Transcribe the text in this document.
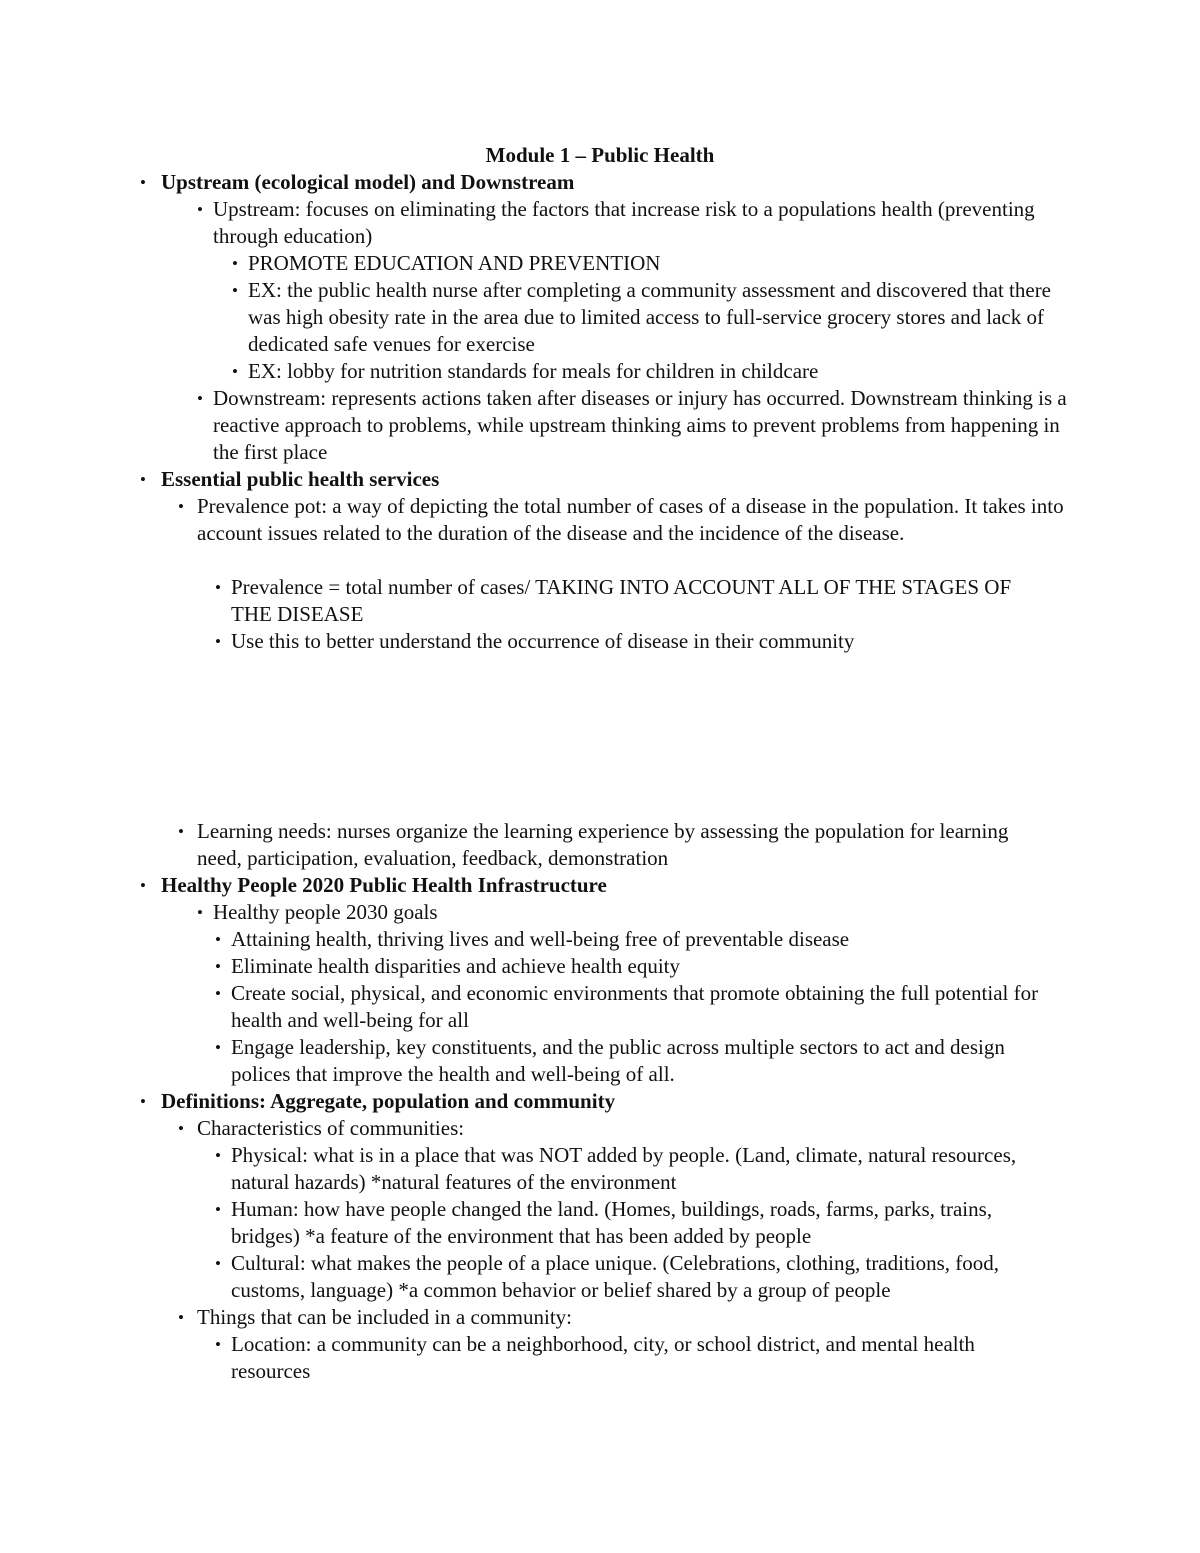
Module 1 – Public Health
• Upstream (ecological model) and Downstream
• Upstream: focuses on eliminating the factors that increase risk to a populations health (preventing through education)
• PROMOTE EDUCATION AND PREVENTION
• EX: the public health nurse after completing a community assessment and discovered that there was high obesity rate in the area due to limited access to full-service grocery stores and lack of dedicated safe venues for exercise
• EX: lobby for nutrition standards for meals for children in childcare
• Downstream: represents actions taken after diseases or injury has occurred. Downstream thinking is a reactive approach to problems, while upstream thinking aims to prevent problems from happening in the first place
• Essential public health services
• Prevalence pot: a way of depicting the total number of cases of a disease in the population. It takes into account issues related to the duration of the disease and the incidence of the disease.
• Prevalence = total number of cases/ TAKING INTO ACCOUNT ALL OF THE STAGES OF THE DISEASE
• Use this to better understand the occurrence of disease in their community
• Learning needs: nurses organize the learning experience by assessing the population for learning need, participation, evaluation, feedback, demonstration
• Healthy People 2020 Public Health Infrastructure
• Healthy people 2030 goals
• Attaining health, thriving lives and well-being free of preventable disease
• Eliminate health disparities and achieve health equity
• Create social, physical, and economic environments that promote obtaining the full potential for health and well-being for all
• Engage leadership, key constituents, and the public across multiple sectors to act and design polices that improve the health and well-being of all.
• Definitions: Aggregate, population and community
• Characteristics of communities:
• Physical: what is in a place that was NOT added by people. (Land, climate, natural resources, natural hazards) *natural features of the environment
• Human: how have people changed the land. (Homes, buildings, roads, farms, parks, trains, bridges) *a feature of the environment that has been added by people
• Cultural: what makes the people of a place unique. (Celebrations, clothing, traditions, food, customs, language) *a common behavior or belief shared by a group of people
• Things that can be included in a community:
• Location: a community can be a neighborhood, city, or school district, and mental health resources
